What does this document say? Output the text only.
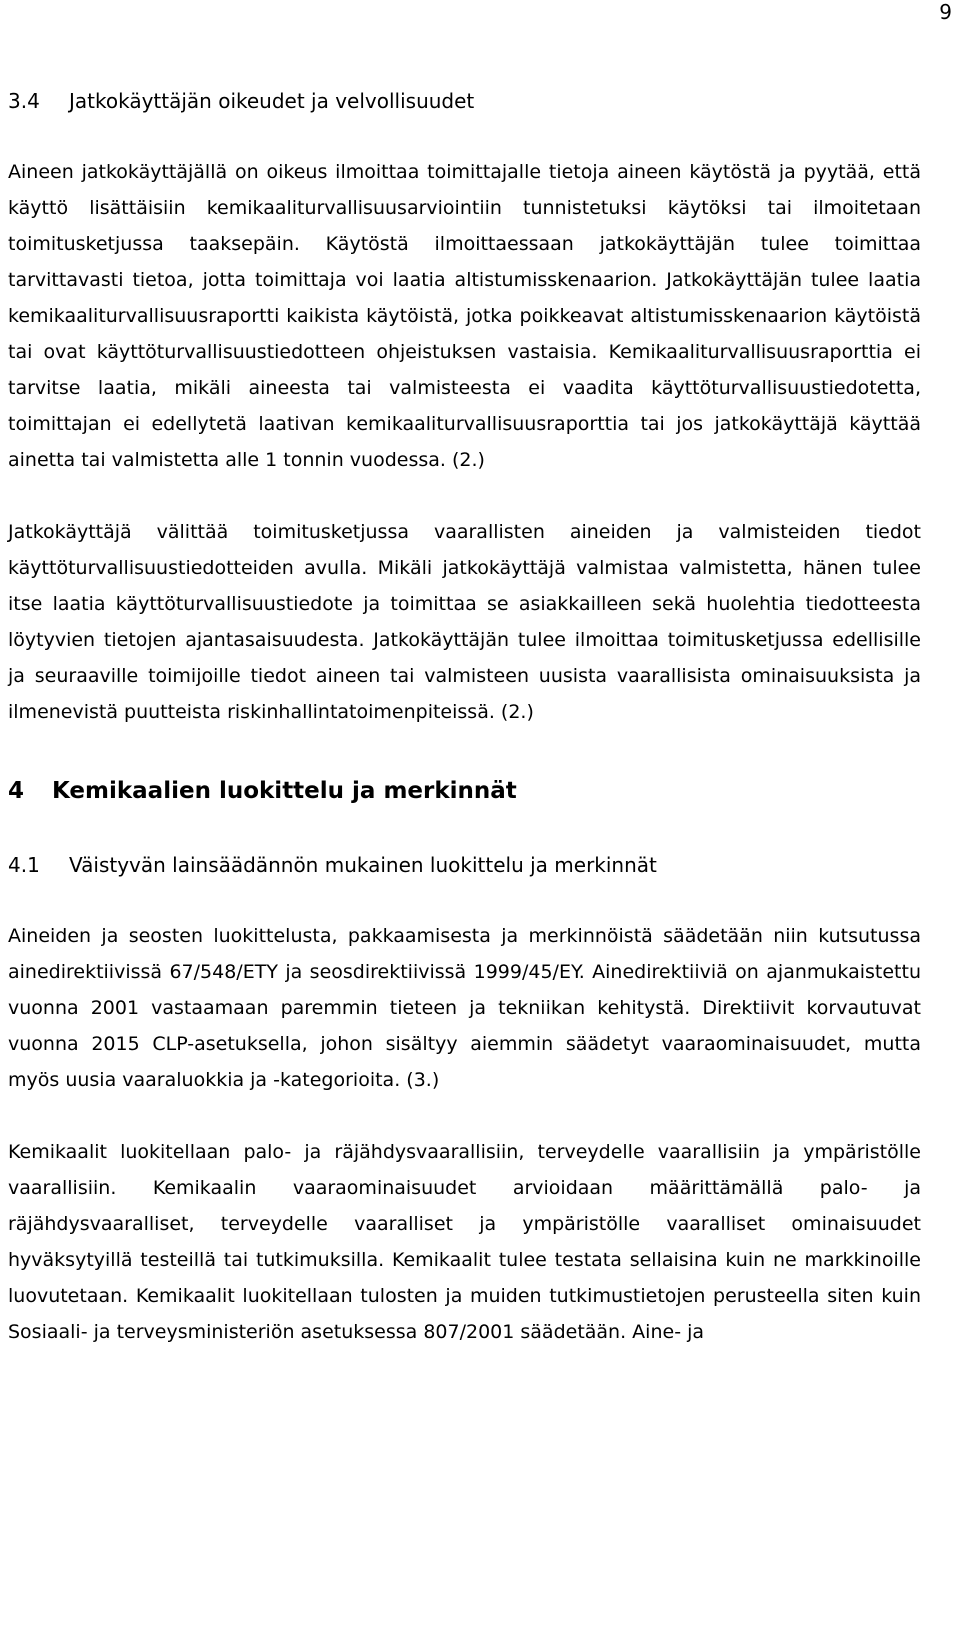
9
3.4	Jatkokäyttäjän oikeudet ja velvollisuudet

Aineen jatkokäyttäjällä on oikeus ilmoittaa toimittajalle tietoja aineen käytöstä ja pyytää, että käyttö lisättäisiin kemikaaliturvallisuusarviointiin tunnistetuksi käytöksi tai ilmoitetaan toimitusketjussa taaksepäin. Käytöstä ilmoittaessaan jatkokäyttäjän tulee toimittaa tarvittavasti tietoa, jotta toimittaja voi laatia altistumisskenaarion. Jatkokäyttäjän tulee laatia kemikaaliturvallisuusraportti kaikista käytöistä, jotka poikkeavat altistumisskenaarion käytöistä tai ovat käyttöturvallisuustiedotteen ohjeistuksen vastaisia. Kemikaaliturvallisuusraporttia ei tarvitse laatia, mikäli aineesta tai valmisteesta ei vaadita käyttöturvallisuustiedotetta, toimittajan ei edellytetä laativan kemikaaliturvallisuusraporttia tai jos jatkokäyttäjä käyttää ainetta tai valmistetta alle 1 tonnin vuodessa. (2.)

Jatkokäyttäjä välittää toimitusketjussa vaarallisten aineiden ja valmisteiden tiedot käyttöturvallisuustiedotteiden avulla. Mikäli jatkokäyttäjä valmistaa valmistetta, hänen tulee itse laatia käyttöturvallisuustiedote ja toimittaa se asiakkailleen sekä huolehtia tiedotteesta löytyvien tietojen ajantasaisuudesta. Jatkokäyttäjän tulee ilmoittaa toimitusketjussa edellisille ja seuraaville toimijoille tiedot aineen tai valmisteen uusista vaarallisista ominaisuuksista ja ilmenevistä puutteista riskinhallintatoimenpiteissä. (2.)

4	Kemikaalien luokittelu ja merkinnät
4.1	Väistyvän lainsäädännön mukainen luokittelu ja merkinnät

Aineiden ja seosten luokittelusta, pakkaamisesta ja merkinnöistä säädetään niin kutsutussa ainedirektiivissä 67/548/ETY ja seosdirektiivissä 1999/45/EY. Ainedirektiiviä on ajanmukaistettu vuonna 2001 vastaamaan paremmin tieteen ja tekniikan kehitystä. Direktiivit korvautuvat vuonna 2015 CLP-asetuksella, johon sisältyy aiemmin säädetyt vaaraominaisuudet, mutta myös uusia vaaraluokkia ja -kategorioita. (3.)

Kemikaalit luokitellaan palo- ja räjähdysvaarallisiin, terveydelle vaarallisiin ja ympäristölle vaarallisiin. Kemikaalin vaaraominaisuudet arvioidaan määrittämällä palo- ja räjähdysvaaralliset, terveydelle vaaralliset ja ympäristölle vaaralliset ominaisuudet hyväksytyillä testeillä tai tutkimuksilla. Kemikaalit tulee testata sellaisina kuin ne markkinoille luovutetaan. Kemikaalit luokitellaan tulosten ja muiden tutkimustietojen perusteella siten kuin Sosiaali- ja terveysministeriön asetuksessa 807/2001 säädetään. Aine- ja
